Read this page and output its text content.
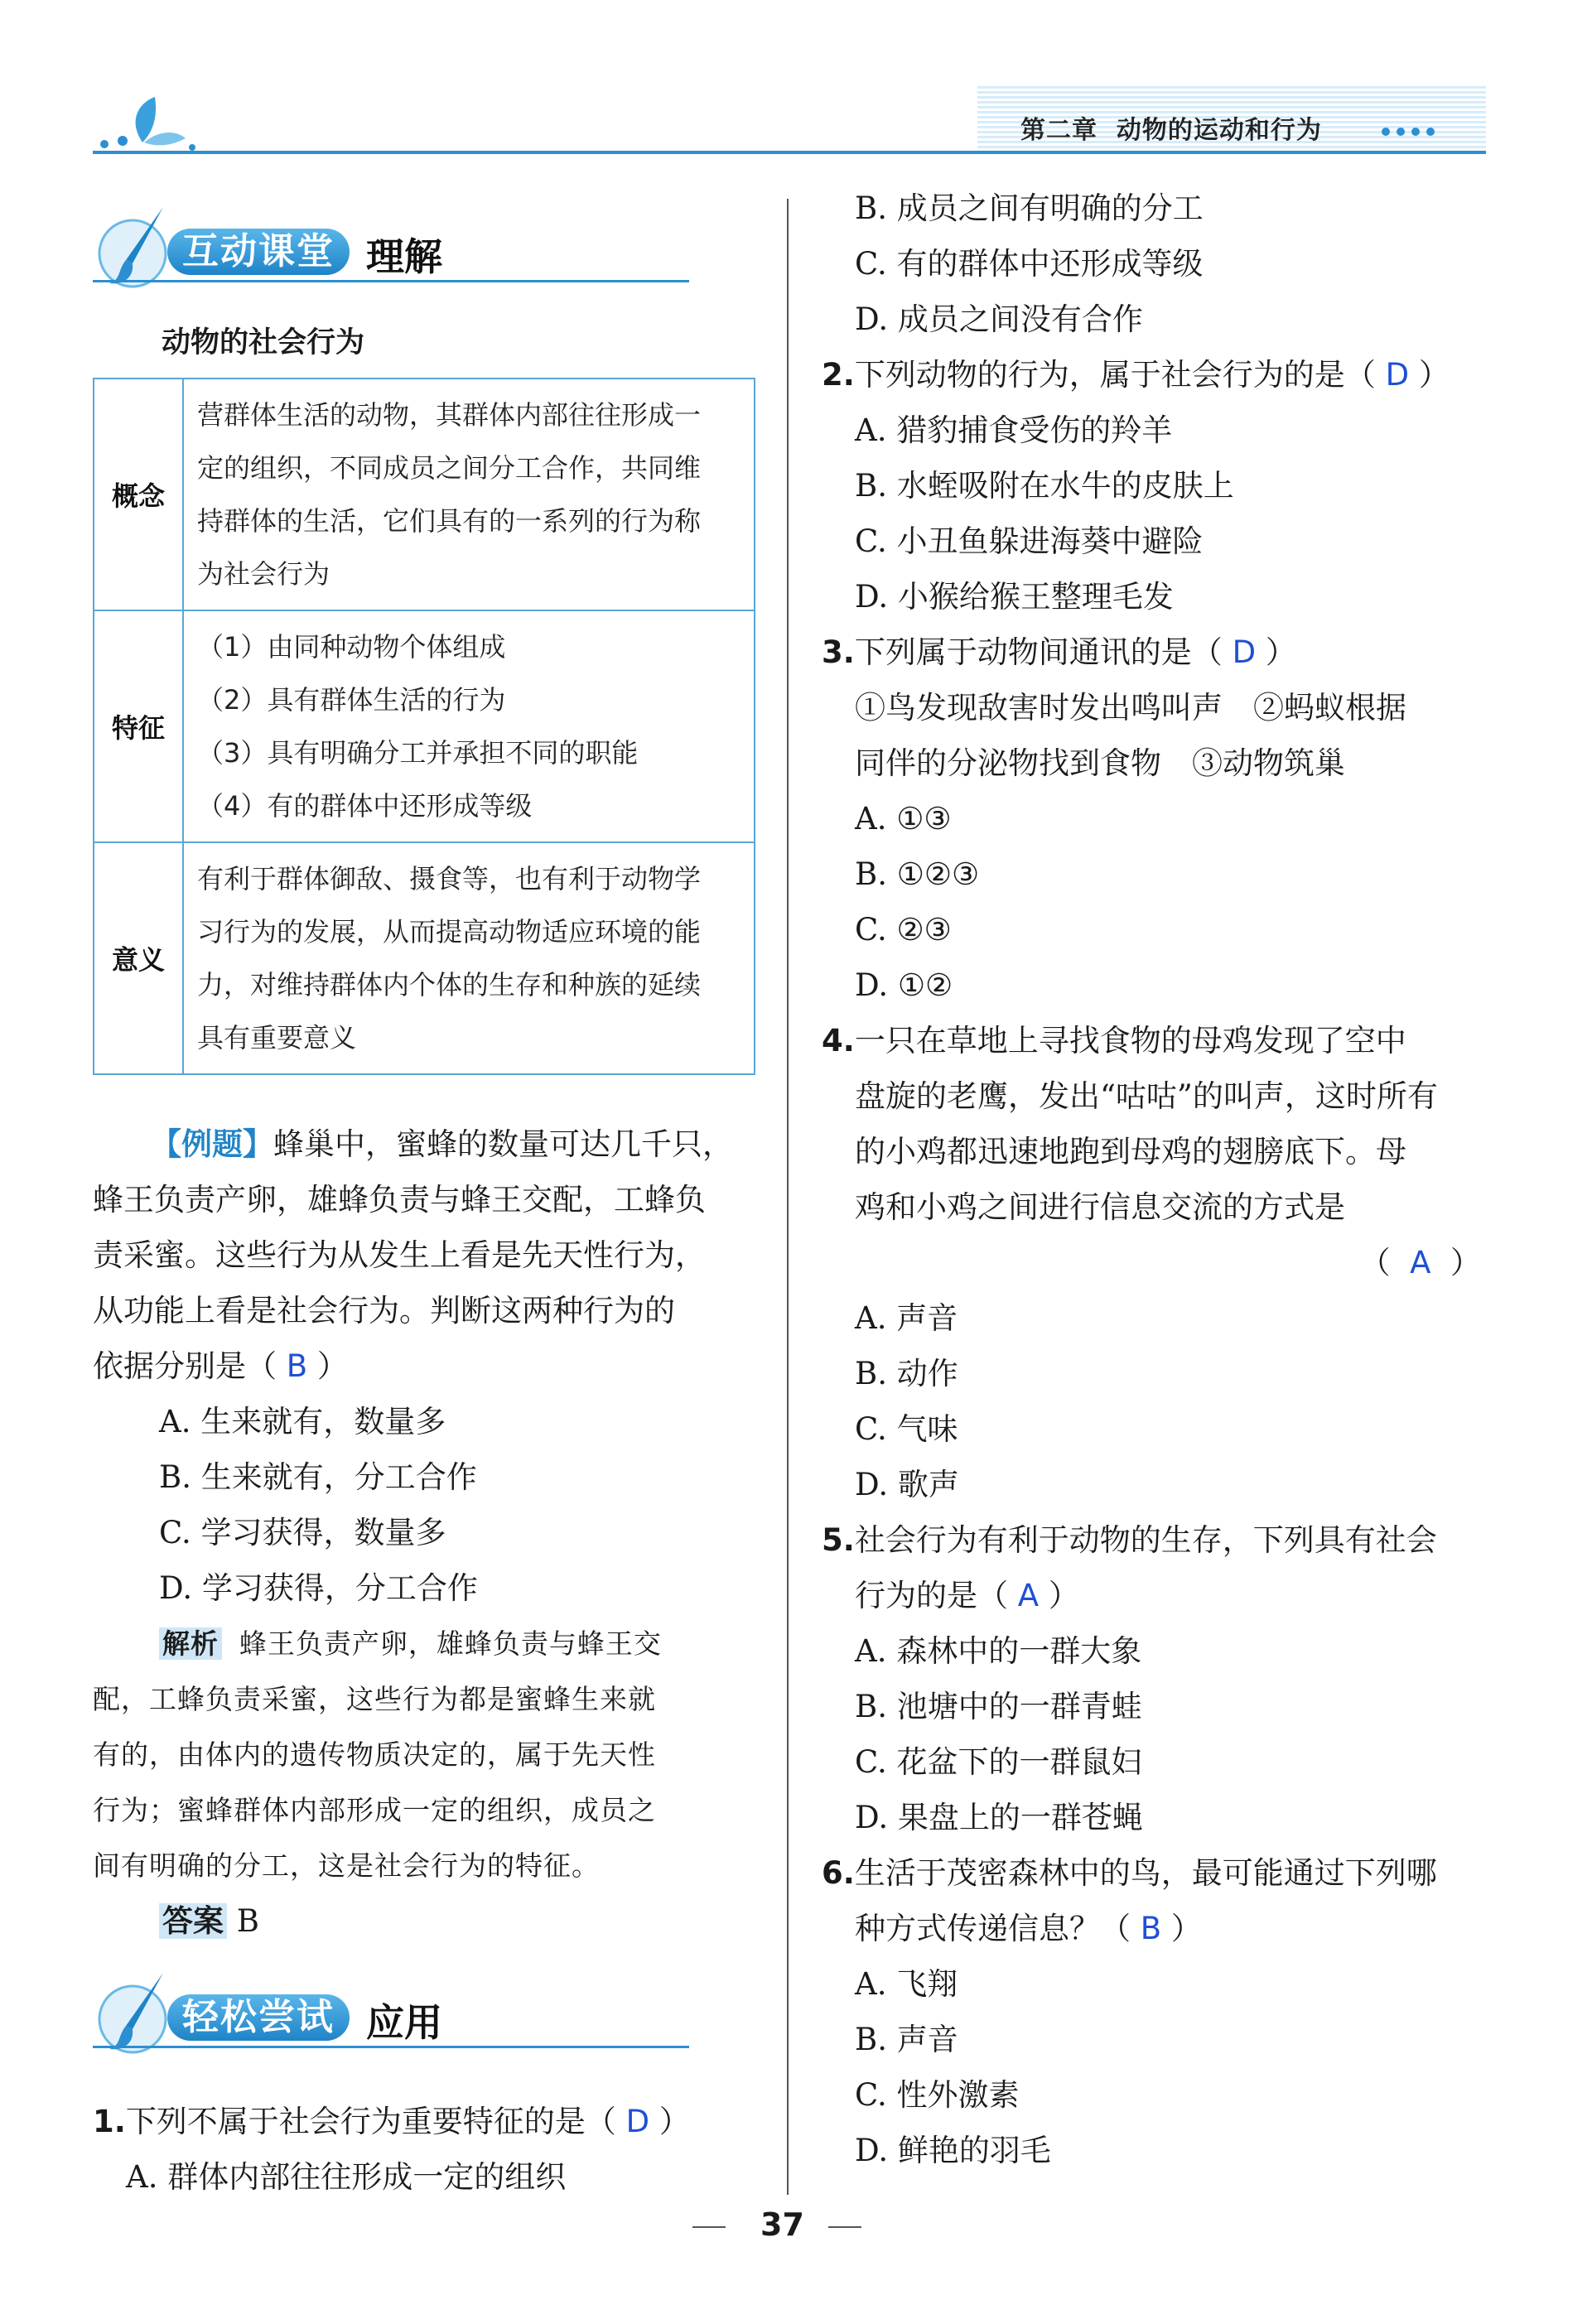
第二章 动物的运动和行为
互动课堂 理解
动物的社会行为
概念	营群体生活的动物，其群体内部往往形成一
定的组织，不同成员之间分工合作，共同维
持群体的生活，它们具有的一系列的行为称
为社会行为

特征	（1）由同种动物个体组成
（2）具有群体生活的行为
（3）具有明确分工并承担不同的职能
（4）有的群体中还形成等级

意义	有利于群体御敌、摄食等，也有利于动物学
习行为的发展，从而提高动物适应环境的能
力，对维持群体内个体的生存和种族的延续
具有重要意义
【例题】蜂巢中，蜜蜂的数量可达几千只，
蜂王负责产卵，雄蜂负责与蜂王交配，工蜂负
责采蜜。这些行为从发生上看是先天性行为，
从功能上看是社会行为。判断这两种行为的
依据分别是（ B ）
A. 生来就有，数量多
B. 生来就有，分工合作
C. 学习获得，数量多
D. 学习获得，分工合作
解析 蜂王负责产卵，雄蜂负责与蜂王交
配，工蜂负责采蜜，这些行为都是蜜蜂生来就
有的，由体内的遗传物质决定的，属于先天性
行为；蜜蜂群体内部形成一定的组织，成员之
间有明确的分工，这是社会行为的特征。
答案 B
轻松尝试 应用
1.下列不属于社会行为重要特征的是（ D ）
A. 群体内部往往形成一定的组织
B. 成员之间有明确的分工
C. 有的群体中还形成等级
D. 成员之间没有合作
2.下列动物的行为，属于社会行为的是（ D ）
A. 猎豹捕食受伤的羚羊
B. 水蛭吸附在水牛的皮肤上
C. 小丑鱼躲进海葵中避险
D. 小猴给猴王整理毛发
3.下列属于动物间通讯的是（ D ）
①鸟发现敌害时发出鸣叫声　②蚂蚁根据
同伴的分泌物找到食物　③动物筑巢
A. ①③
B. ①②③
C. ②③
D. ①②
4.一只在草地上寻找食物的母鸡发现了空中
盘旋的老鹰，发出“咕咕”的叫声，这时所有
的小鸡都迅速地跑到母鸡的翅膀底下。母
鸡和小鸡之间进行信息交流的方式是
（  A ）
A. 声音
B. 动作
C. 气味
D. 歌声
5.社会行为有利于动物的生存，下列具有社会
行为的是（ A ）
A. 森林中的一群大象
B. 池塘中的一群青蛙
C. 花盆下的一群鼠妇
D. 果盘上的一群苍蝇
6.生活于茂密森林中的鸟，最可能通过下列哪
种方式传递信息？（ B ）
A. 飞翔
B. 声音
C. 性外激素
D. 鲜艳的羽毛
37
